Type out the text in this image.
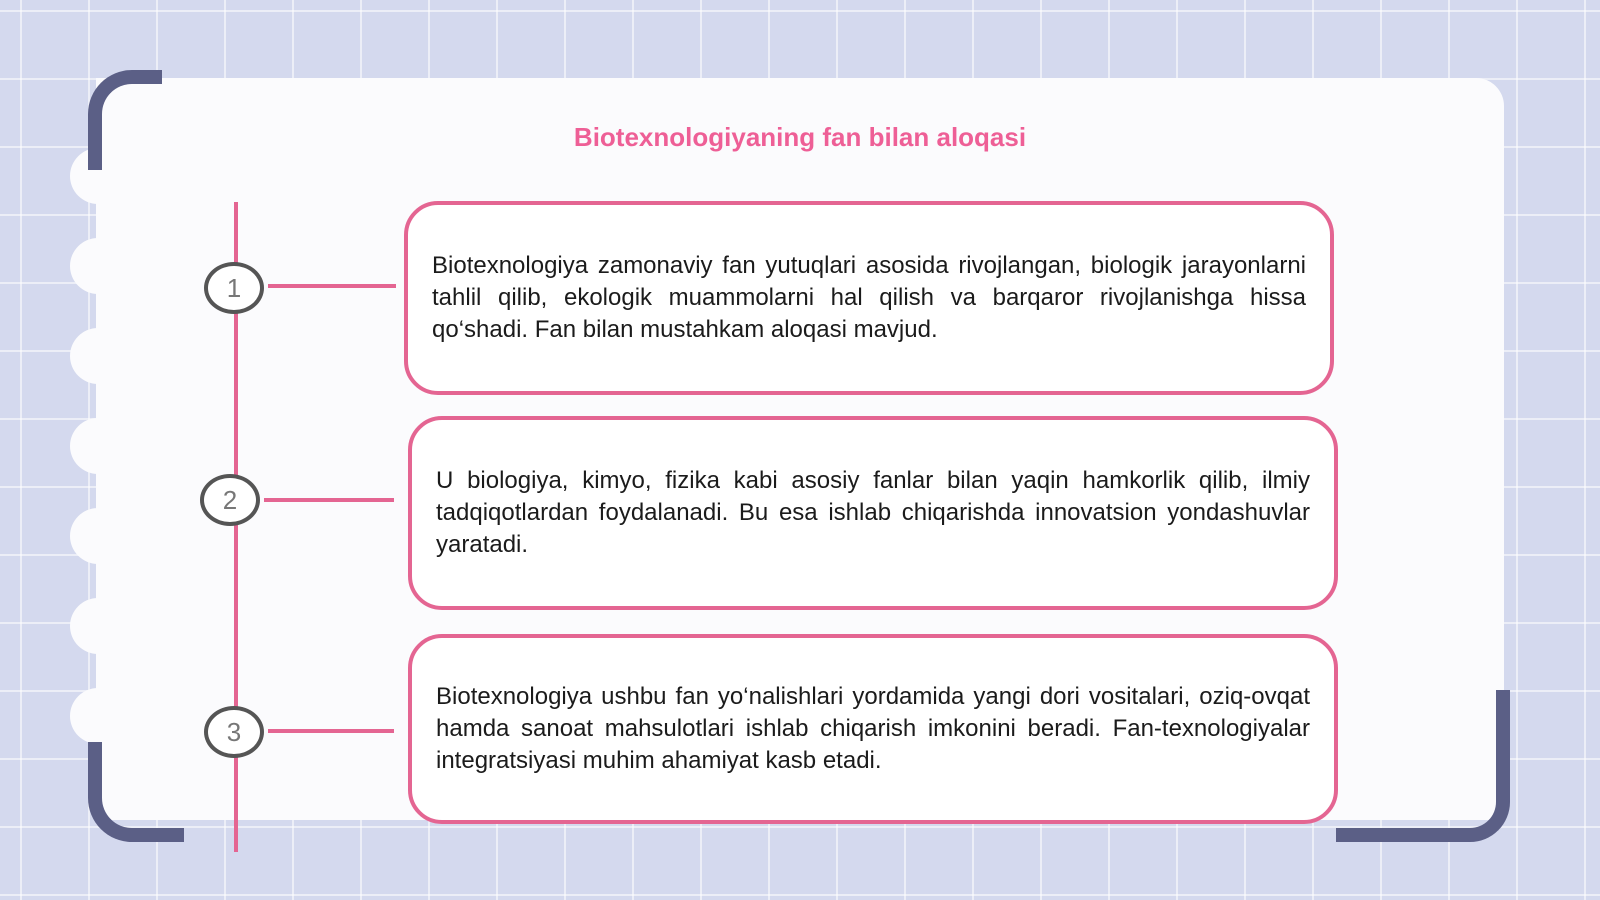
Biotexnologiyaning fan bilan aloqasi
1
2
3

Biotexnologiya zamonaviy fan yutuqlari asosida rivojlangan, biologik jarayonlarni tahlil qilib, ekologik muammolarni hal qilish va barqaror rivojlanishga hissa qo‘shadi. Fan bilan mustahkam aloqasi mavjud.

U biologiya, kimyo, fizika kabi asosiy fanlar bilan yaqin hamkorlik qilib, ilmiy tadqiqotlardan foydalanadi. Bu esa ishlab chiqarishda innovatsion yondashuvlar yaratadi.

Biotexnologiya ushbu fan yo‘nalishlari yordamida yangi dori vositalari, oziq-ovqat hamda sanoat mahsulotlari ishlab chiqarish imkonini beradi. Fan-texnologiyalar integratsiyasi muhim ahamiyat kasb etadi.
